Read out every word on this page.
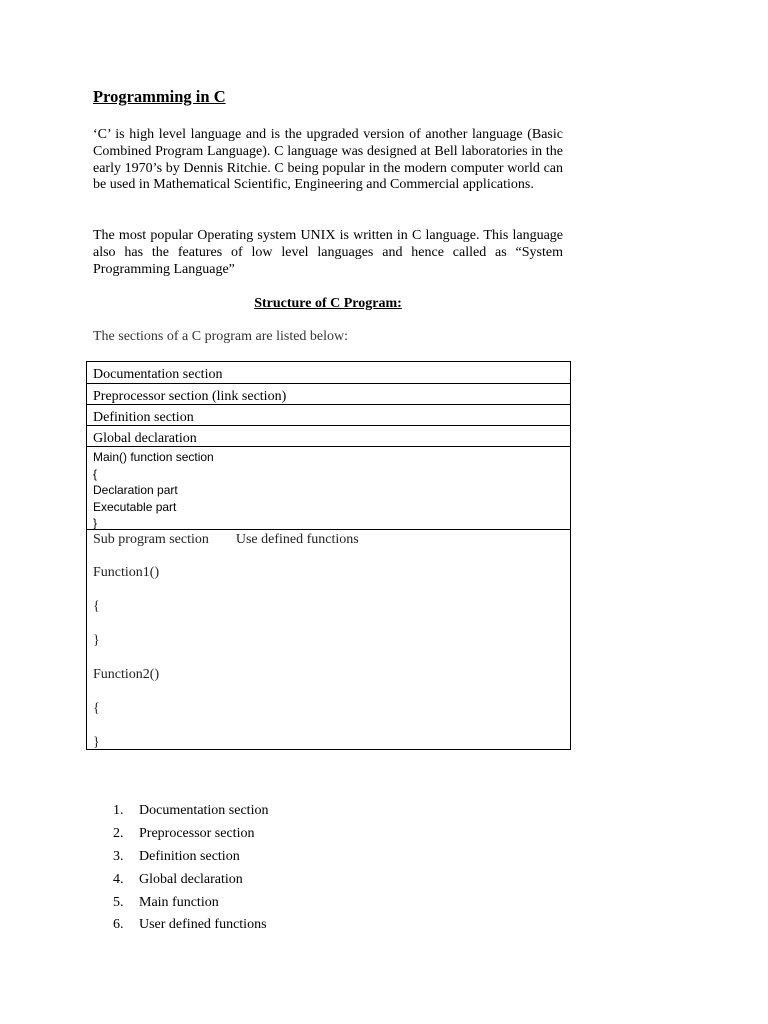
Programming in C

‘C’ is high level language and is the upgraded version of another language (Basic Combined Program Language). C language was designed at Bell laboratories in the early 1970’s by Dennis Ritchie. C being popular in the modern computer world can be used in Mathematical Scientific, Engineering and Commercial applications.

The most popular Operating system UNIX is written in C language. This language also has the features of low level languages and hence called as “System Programming Language”

Structure of C Program:

The sections of a C program are listed below:

Documentation section
Preprocessor section (link section)
Definition section
Global declaration
Main() function section
{
Declaration part
Executable part
}
Sub program section Use defined functions
Function1()
{
}
Function2()
{
}
1.	Documentation section
2.	Preprocessor section
3.	Definition section
4.	Global declaration
5.	Main function
6.	User defined functions
